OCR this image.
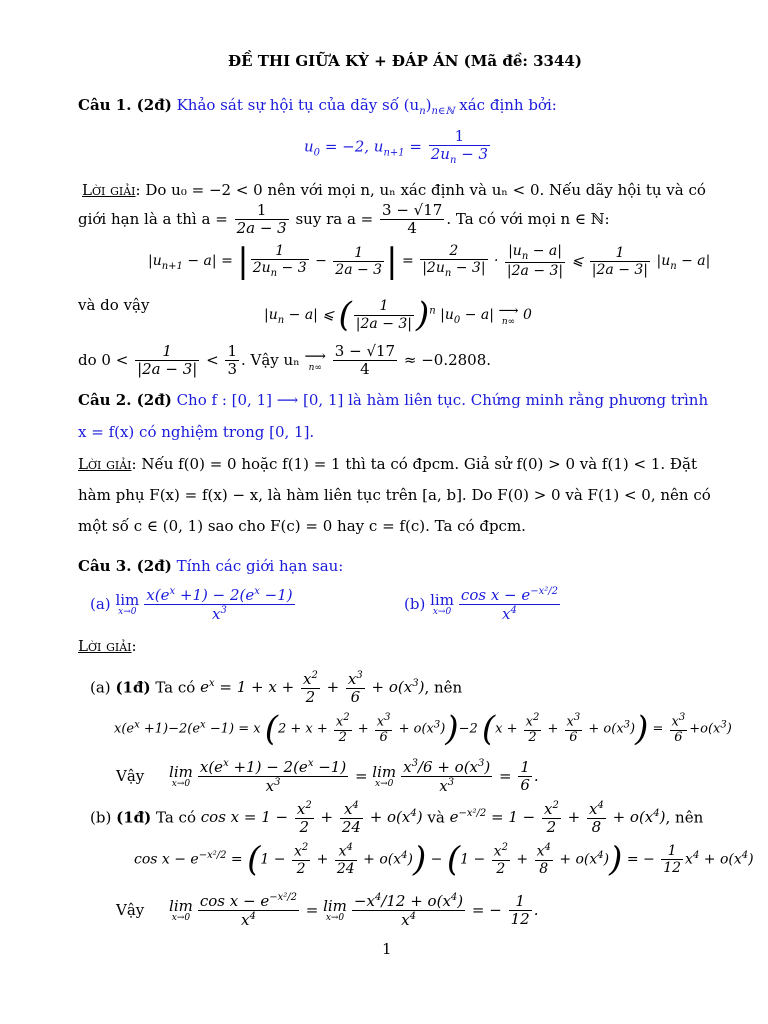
ĐỀ THI GIỮA KỲ + ĐÁP ÁN (Mã đề: 3344)
Câu 1. (2đ) Khảo sát sự hội tụ của dãy số $(u_n)_{n\in ℕ}$ xác định bởi:
$u_0 = -2$, $u_{n+1} = \frac{1}{2u_n - 3}$
Lời giải: Do u₀ = −2 < 0 nên với mọi n, uₙ xác định và uₙ < 0. Nếu dãy hội tụ và có
giới hạn là a thì $a = \frac{1}{2a - 3}$ suy ra $a = \frac{3 - √17}{4}$ . Ta có với mọi n ∈ ℕ:
$|u_{n+1} - a|$ = | $\frac{1}{2u_n - 3} - \frac{1}{2a - 3}$ | = $\frac{2}{|2u_n - 3|} \cdot \frac{|u_n - a|}{|2a - 3|}$ ⩽ $\frac{1}{|2a - 3|} |u_n - a|$
và do vậy
$|u_n - a|$ ⩽ ( $\frac{1}{|2a - 3|} )^n$ $|u_0 - a|$ ⟶
n∞ 0
do $0 < \frac{1}{|2a - 3|} < \frac{1}{3}$ . Vậy uₙ ⟶
n∞
$\frac{3 - √17}{4} \approx -0.2808$.
Câu 2. (2đ) Cho f : [0, 1] ⟶ [0, 1] là hàm liên tục. Chứng minh rằng phương trình
x = f(x) có nghiệm trong [0, 1].
Lời giải: Nếu f(0) = 0 hoặc f(1) = 1 thì ta có đpcm. Giả sử f(0) > 0 và f(1) < 1. Đặt
hàm phụ F(x) = f(x) − x, là hàm liên tục trên [a, b]. Do F(0) > 0 và F(1) < 0, nên có
một số c ∈ (0, 1) sao cho F(c) = 0 hay c = f(c). Ta có đpcm.
Câu 3. (2đ) Tính các giới hạn sau:
(a) lim
$x\to 0 \frac{x(e^x +1) - 2(e^x -1)}{x^3}$	(b) lim
$x\to 0 \frac{\cos x - e^{-x^2/2}}{x^4}$
Lời giải:
(a) (1đ) Ta có $e^x = 1 + x + \frac{x^2}{2} + \frac{x^3}{6} + o(x^3)$, nên
$x(e^x +1)-2(e^x -1) = x$ $(2 + x + \frac{x^2}{2} + \frac{x^3}{6} + o(x^3))-2$ $(x + \frac{x^2}{2} + \frac{x^3}{6} + o(x^3)) = \frac{x^3}{6} +o(x^3)$
Vậy lim
$x\to 0 \frac{x(e^x +1) - 2(e^x -1)}{x^3} = \lim$
$x\to 0 \frac{x^3/6 + o(x^3)}{x^3} = \frac{1}{6}$ .
(b) (1đ) Ta có $\cos x = 1 - \frac{x^2}{2} + \frac{x^4}{24} + o(x^4)$ và $e^{-x^2/2} = 1 - \frac{x^2}{2} + \frac{x^4}{8} + o(x^4)$, nên
$\cos x - e^{-x^2/2} = (1 - \frac{x^2}{2} + \frac{x^4}{24} + o(x^4)) - (1 - \frac{x^2}{2} + \frac{x^4}{8} + o(x^4))$ = − $\frac{1}{12} x^4 + o(x^4)$
Vậy lim
$x\to 0 \frac{\cos x - e^{-x^2/2}}{x^4} = \lim$
$x\to 0 \frac{-x^4/12 + o(x^4)}{x^4}$ = − $\frac{1}{12}$ .
1
